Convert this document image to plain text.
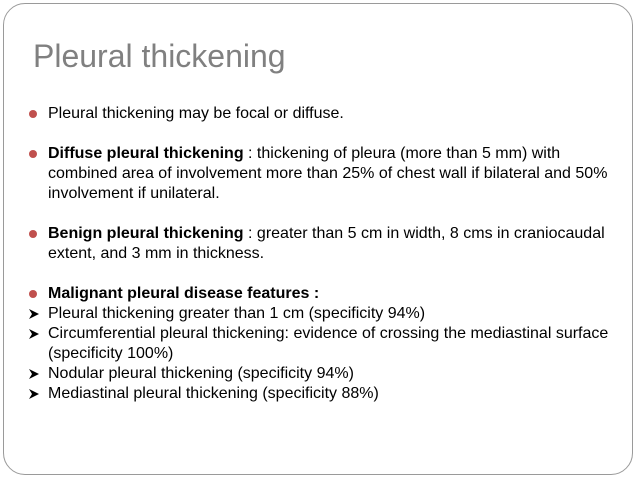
Pleural thickening

Pleural thickening may be focal or diffuse.

Diffuse pleural thickening : thickening of pleura (more than 5 mm) with combined area of involvement more than 25% of chest wall if bilateral and 50% involvement if unilateral.

Benign pleural thickening : greater than 5 cm in width, 8 cms in craniocaudal extent, and 3 mm in thickness.

Malignant pleural disease features :

Pleural thickening greater than 1 cm (specificity 94%)

Circumferential pleural thickening: evidence of crossing the mediastinal surface (specificity 100%)

Nodular pleural thickening (specificity 94%)

Mediastinal pleural thickening (specificity 88%)
